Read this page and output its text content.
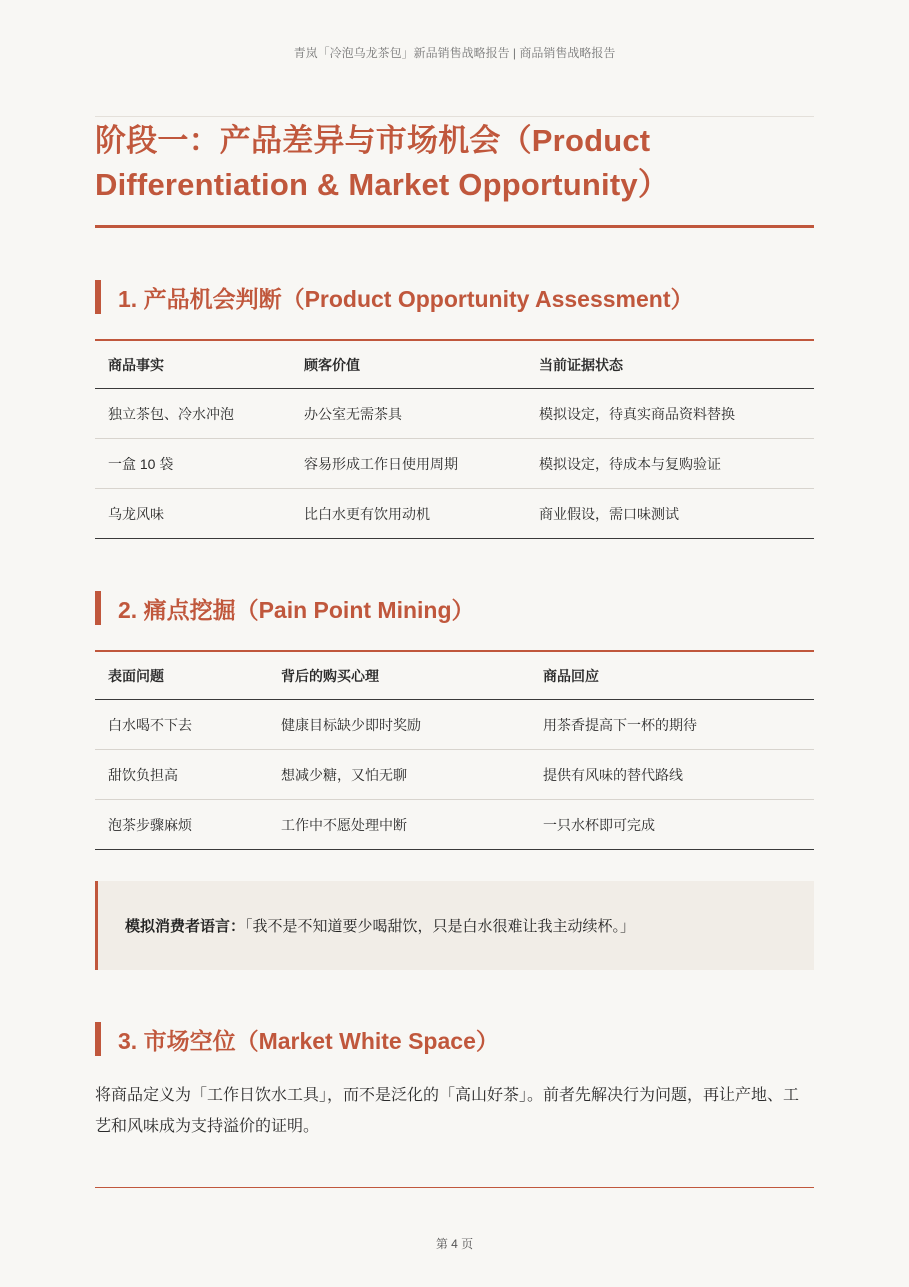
青岚「冷泡乌龙茶包」新品销售战略报告 | 商品销售战略报告
阶段一：产品差异与市场机会（Product Differentiation & Market Opportunity）
1. 产品机会判断（Product Opportunity Assessment）
商品事实	顾客价值	当前证据状态
独立茶包、冷水冲泡	办公室无需茶具	模拟设定，待真实商品资料替换
一盒 10 袋	容易形成工作日使用周期	模拟设定，待成本与复购验证
乌龙风味	比白水更有饮用动机	商业假设，需口味测试
2. 痛点挖掘（Pain Point Mining）
表面问题	背后的购买心理	商品回应
白水喝不下去	健康目标缺少即时奖励	用茶香提高下一杯的期待
甜饮负担高	想减少糖，又怕无聊	提供有风味的替代路线
泡茶步骤麻烦	工作中不愿处理中断	一只水杯即可完成
模拟消费者语言：「我不是不知道要少喝甜饮，只是白水很难让我主动续杯。」
3. 市场空位（Market White Space）

将商品定义为「工作日饮水工具」，而不是泛化的「高山好茶」。前者先解决行为问题，再让产地、工艺和风味成为支持溢价的证明。

第 4 页
